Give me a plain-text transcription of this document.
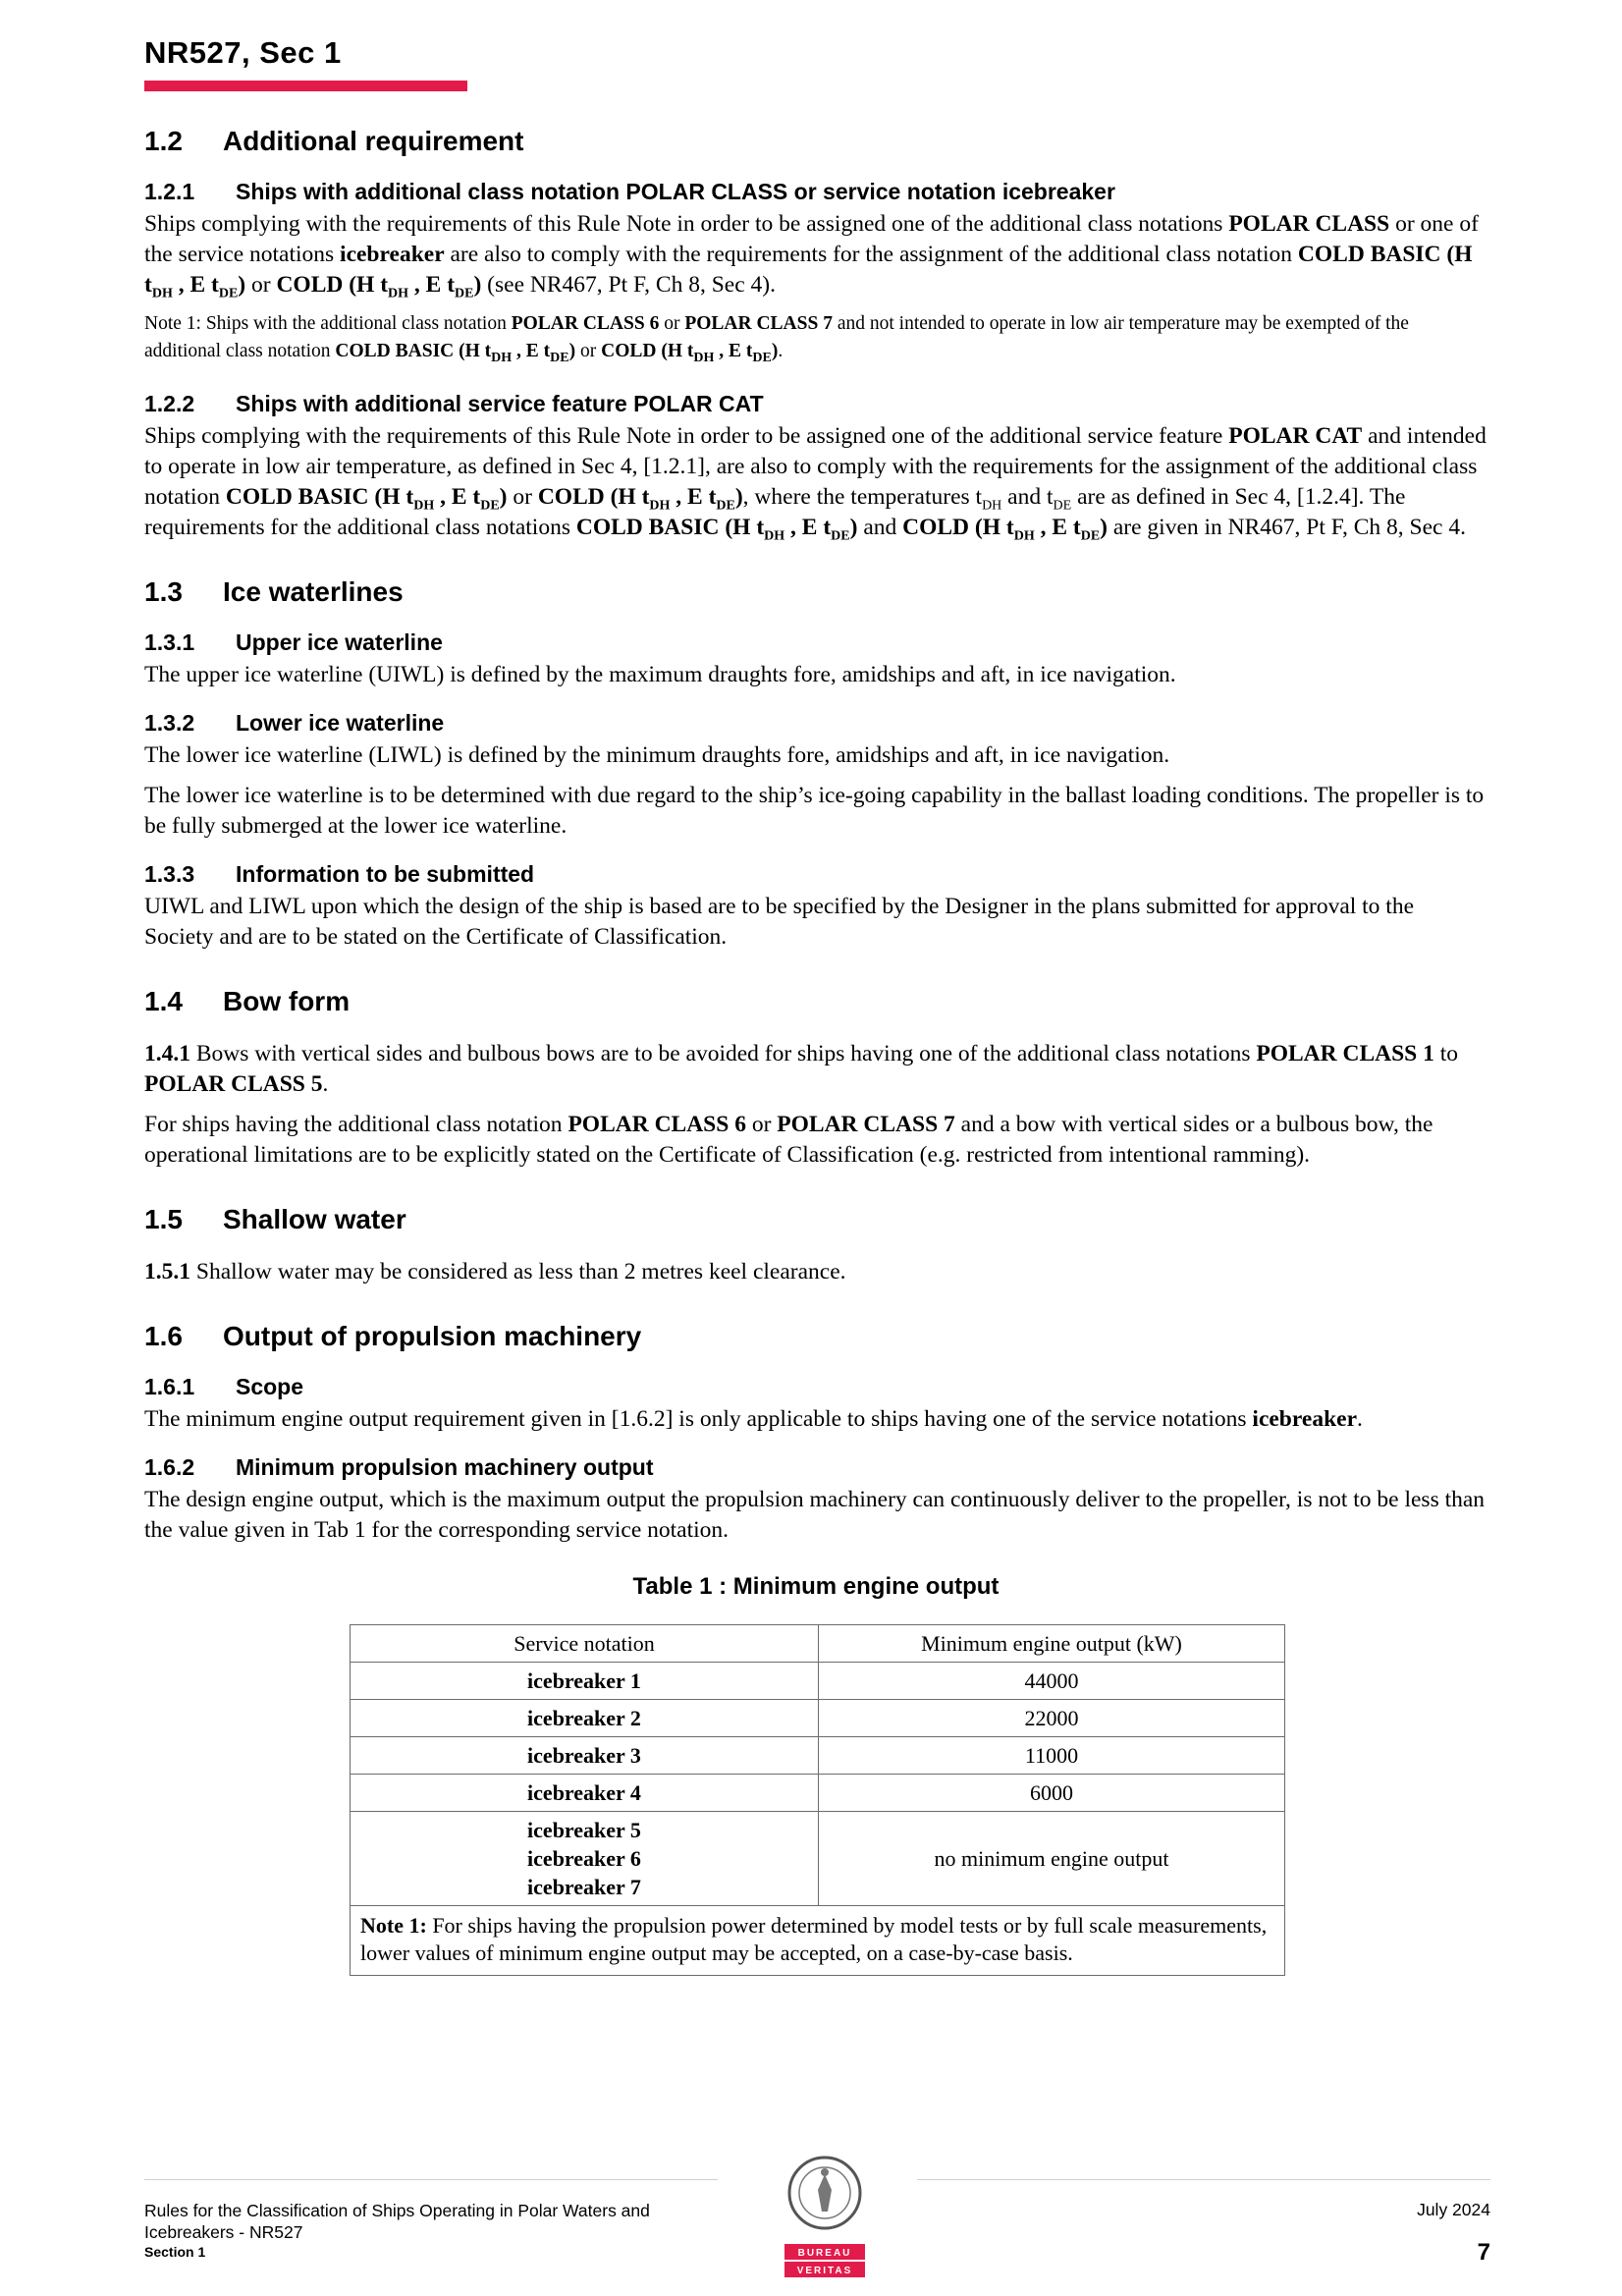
NR527, Sec 1
1.2	Additional requirement
1.2.1	Ships with additional class notation POLAR CLASS or service notation icebreaker

Ships complying with the requirements of this Rule Note in order to be assigned one of the additional class notations POLAR CLASS or one of the service notations icebreaker are also to comply with the requirements for the assignment of the additional class notation COLD BASIC (H $t_{DH}$ , E $t_{DE}$) or COLD (H $t_{DH}$ , E $t_{DE}$) (see NR467, Pt F, Ch 8, Sec 4).

Note 1: Ships with the additional class notation POLAR CLASS 6 or POLAR CLASS 7 and not intended to operate in low air temperature may be exempted of the additional class notation COLD BASIC (H $t_{DH}$ , E $t_{DE}$) or COLD (H $t_{DH}$ , E $t_{DE}$).

1.2.2	Ships with additional service feature POLAR CAT

Ships complying with the requirements of this Rule Note in order to be assigned one of the additional service feature POLAR CAT and intended to operate in low air temperature, as defined in Sec 4, [1.2.1], are also to comply with the requirements for the assignment of the additional class notation COLD BASIC (H $t_{DH}$ , E $t_{DE}$) or COLD (H $t_{DH}$ , E $t_{DE}$), where the temperatures $t_{DH}$ and $t_{DE}$ are as defined in Sec 4, [1.2.4]. The requirements for the additional class notations COLD BASIC (H $t_{DH}$ , E $t_{DE}$) and COLD (H $t_{DH}$ , E $t_{DE}$) are given in NR467, Pt F, Ch 8, Sec 4.

1.3	Ice waterlines
1.3.1	Upper ice waterline

The upper ice waterline (UIWL) is defined by the maximum draughts fore, amidships and aft, in ice navigation.

1.3.2	Lower ice waterline

The lower ice waterline (LIWL) is defined by the minimum draughts fore, amidships and aft, in ice navigation.

The lower ice waterline is to be determined with due regard to the ship’s ice-going capability in the ballast loading conditions. The propeller is to be fully submerged at the lower ice waterline.

1.3.3	Information to be submitted

UIWL and LIWL upon which the design of the ship is based are to be specified by the Designer in the plans submitted for approval to the Society and are to be stated on the Certificate of Classification.

1.4	Bow form

1.4.1 Bows with vertical sides and bulbous bows are to be avoided for ships having one of the additional class notations POLAR CLASS 1 to POLAR CLASS 5.

For ships having the additional class notation POLAR CLASS 6 or POLAR CLASS 7 and a bow with vertical sides or a bulbous bow, the operational limitations are to be explicitly stated on the Certificate of Classification (e.g. restricted from intentional ramming).

1.5	Shallow water

1.5.1 Shallow water may be considered as less than 2 metres keel clearance.

1.6	Output of propulsion machinery
1.6.1	Scope

The minimum engine output requirement given in [1.6.2] is only applicable to ships having one of the service notations icebreaker.

1.6.2	Minimum propulsion machinery output

The design engine output, which is the maximum output the propulsion machinery can continuously deliver to the propeller, is not to be less than the value given in Tab 1 for the corresponding service notation.

Table 1 : Minimum engine output
Service notation	Minimum engine output (kW)
icebreaker 1	44000
icebreaker 2	22000
icebreaker 3	11000
icebreaker 4	6000

icebreaker 5
icebreaker 6
icebreaker 7	no minimum engine output
Note 1: For ships having the propulsion power determined by model tests or by full scale measurements, lower values of minimum engine output may be accepted, on a case-by-case basis.	
Rules for the Classification of Ships Operating in Polar Waters and
Icebreakers - NR527
Section 1
July 2024
7
BUREAU
VERITAS
